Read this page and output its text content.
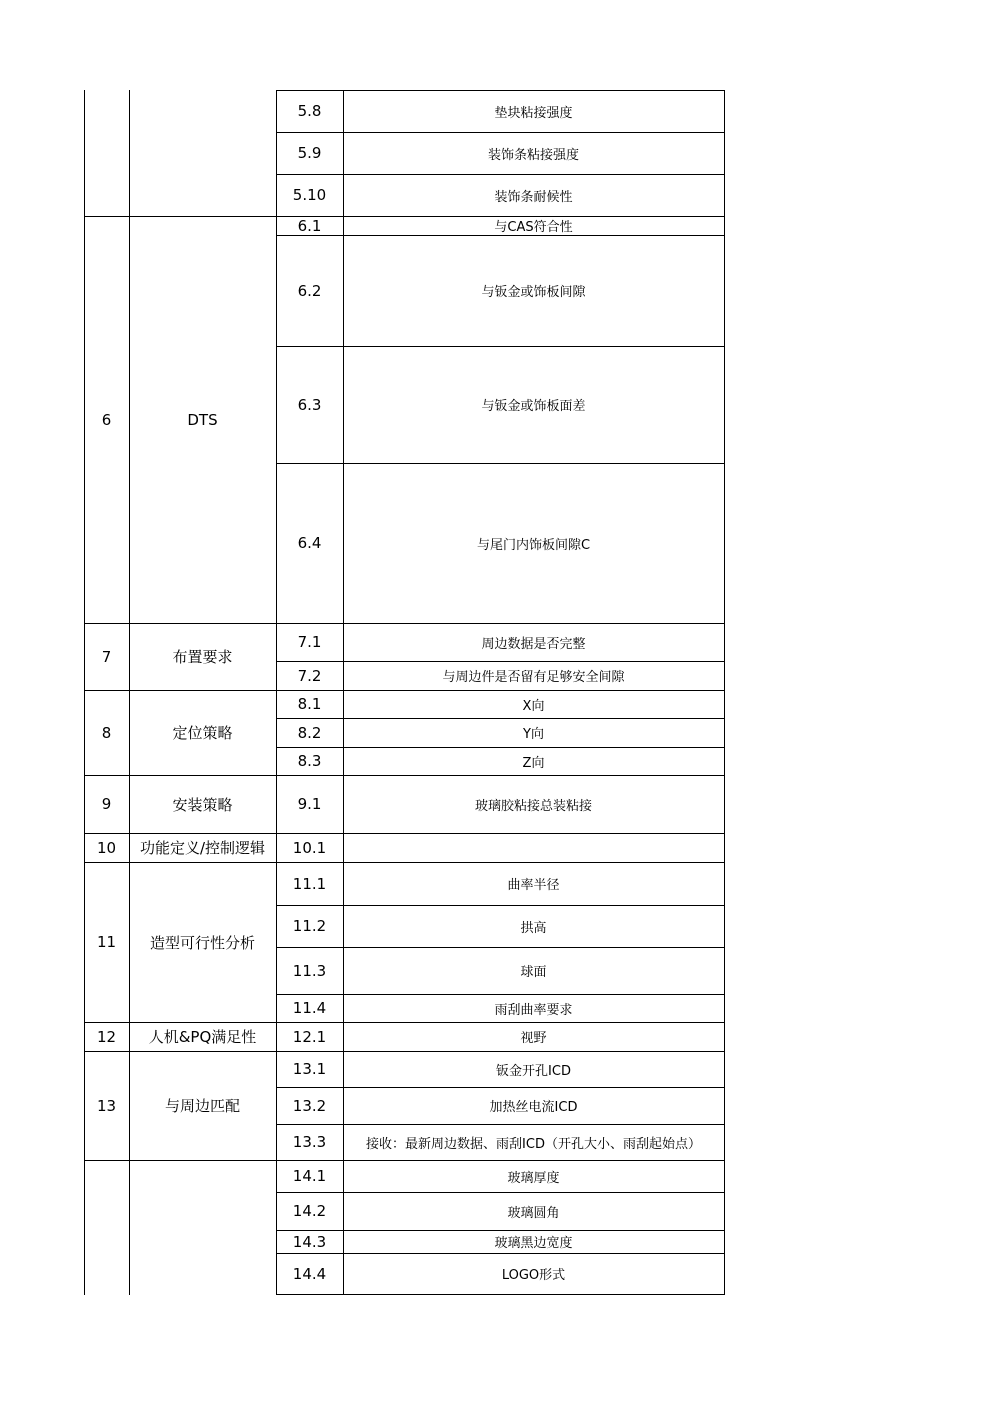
5.8	垫块粘接强度
5.9	装饰条粘接强度
5.10	装饰条耐候性
6	DTS
6.1	与CAS符合性
6.2	与钣金或饰板间隙
6.3	与钣金或饰板面差
6.4	与尾门内饰板间隙C
7	布置要求
7.1	周边数据是否完整
7.2	与周边件是否留有足够安全间隙
8	定位策略
8.1	X向
8.2	Y向
8.3	Z向
9	安装策略	9.1	玻璃胶粘接总装粘接
10	功能定义/控制逻辑	10.1
11	造型可行性分析
11.1	曲率半径
11.2	拱高
11.3	球面
11.4	雨刮曲率要求
12	人机&PQ满足性	12.1	视野
13	与周边匹配
13.1	钣金开孔ICD
13.2	加热丝电流ICD
13.3	接收：最新周边数据、雨刮ICD（开孔大小、雨刮起始点）
14.1	玻璃厚度
14.2	玻璃圆角
14.3	玻璃黑边宽度
14.4	LOGO形式
